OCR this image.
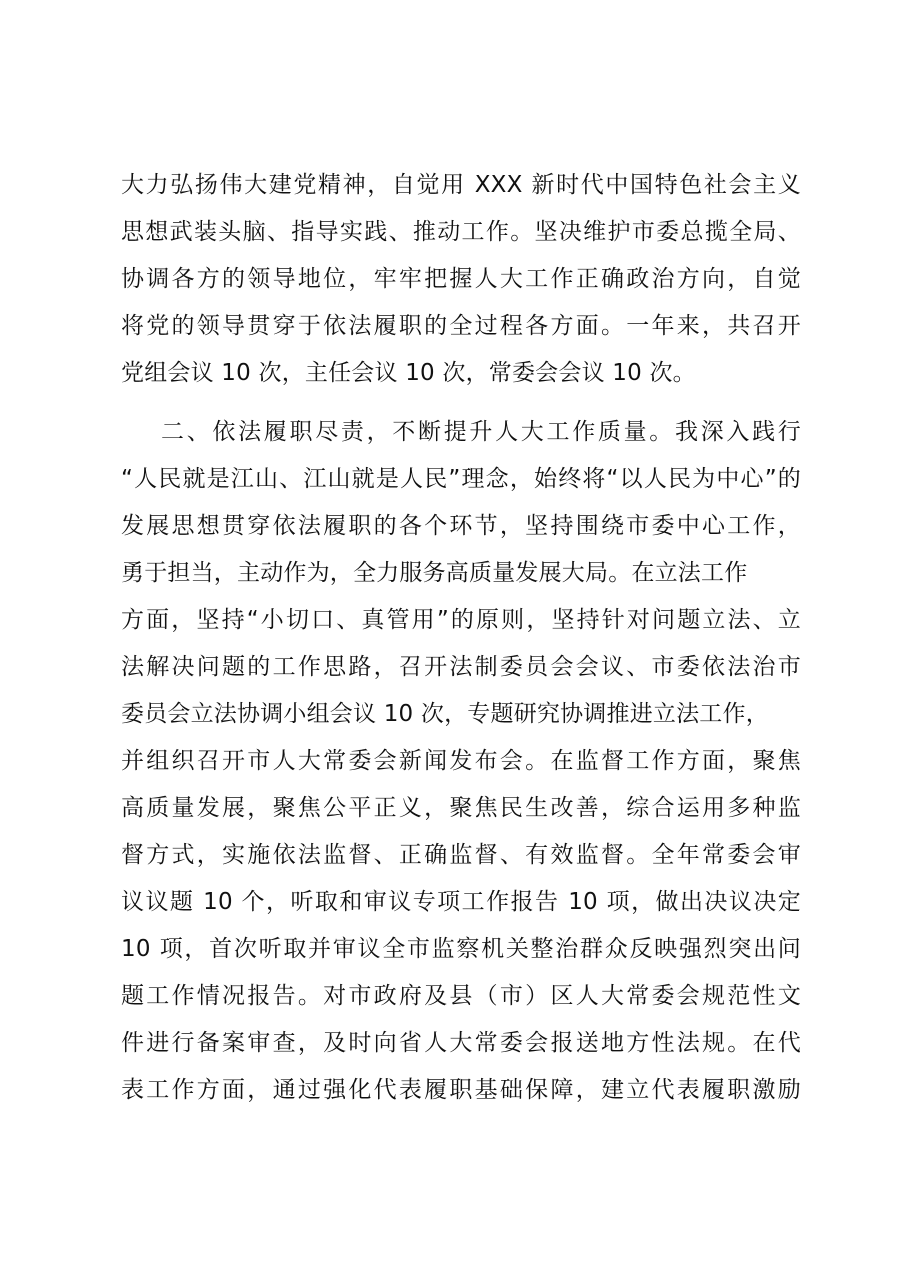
大力弘扬伟大建党精神，自觉用 XXX 新时代中国特色社会主义
思想武装头脑、指导实践、推动工作。坚决维护市委总揽全局、
协调各方的领导地位，牢牢把握人大工作正确政治方向，自觉
将党的领导贯穿于依法履职的全过程各方面。一年来，共召开
党组会议 10 次，主任会议 10 次，常委会会议 10 次。
二、依法履职尽责，不断提升人大工作质量。我深入践行
“人民就是江山、江山就是人民”理念，始终将“以人民为中心”的
发展思想贯穿依法履职的各个环节，坚持围绕市委中心工作，
勇于担当，主动作为，全力服务高质量发展大局。在立法工作
方面，坚持“小切口、真管用”的原则，坚持针对问题立法、立
法解决问题的工作思路，召开法制委员会会议、市委依法治市
委员会立法协调小组会议 10 次，专题研究协调推进立法工作，
并组织召开市人大常委会新闻发布会。在监督工作方面，聚焦
高质量发展，聚焦公平正义，聚焦民生改善，综合运用多种监
督方式，实施依法监督、正确监督、有效监督。全年常委会审
议议题 10 个，听取和审议专项工作报告 10 项，做出决议决定
10 项，首次听取并审议全市监察机关整治群众反映强烈突出问
题工作情况报告。对市政府及县（市）区人大常委会规范性文
件进行备案审查，及时向省人大常委会报送地方性法规。在代
表工作方面，通过强化代表履职基础保障，建立代表履职激励
